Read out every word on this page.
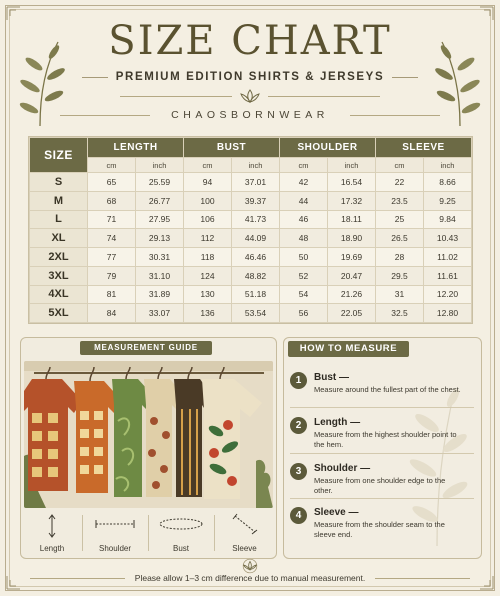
SIZE CHART
PREMIUM EDITION SHIRTS & JERSEYS
CHAOSBORNWEAR
SIZE	LENGTH		BUST		SHOULDER		SLEEVE	
	cm	inch	cm	inch	cm	inch	cm	inch
S	65	25.59	94	37.01	42	16.54	22	8.66
M	68	26.77	100	39.37	44	17.32	23.5	9.25
L	71	27.95	106	41.73	46	18.11	25	9.84
XL	74	29.13	112	44.09	48	18.90	26.5	10.43
2XL	77	30.31	118	46.46	50	19.69	28	11.02
3XL	79	31.10	124	48.82	52	20.47	29.5	11.61
4XL	81	31.89	130	51.18	54	21.26	31	12.20
5XL	84	33.07	136	53.54	56	22.05	32.5	12.80
MEASUREMENT GUIDE
Length	Shoulder	Bust	Sleeve
HOW TO MEASURE
1	Bust —
Measure around the fullest part of the chest.
2	Length —
Measure from the highest shoulder point to the hem.
3	Shoulder —
Measure from one shoulder edge to the other.
4	Sleeve —
Measure from the shoulder seam to the sleeve end.
Please allow 1–3 cm difference due to manual measurement.
